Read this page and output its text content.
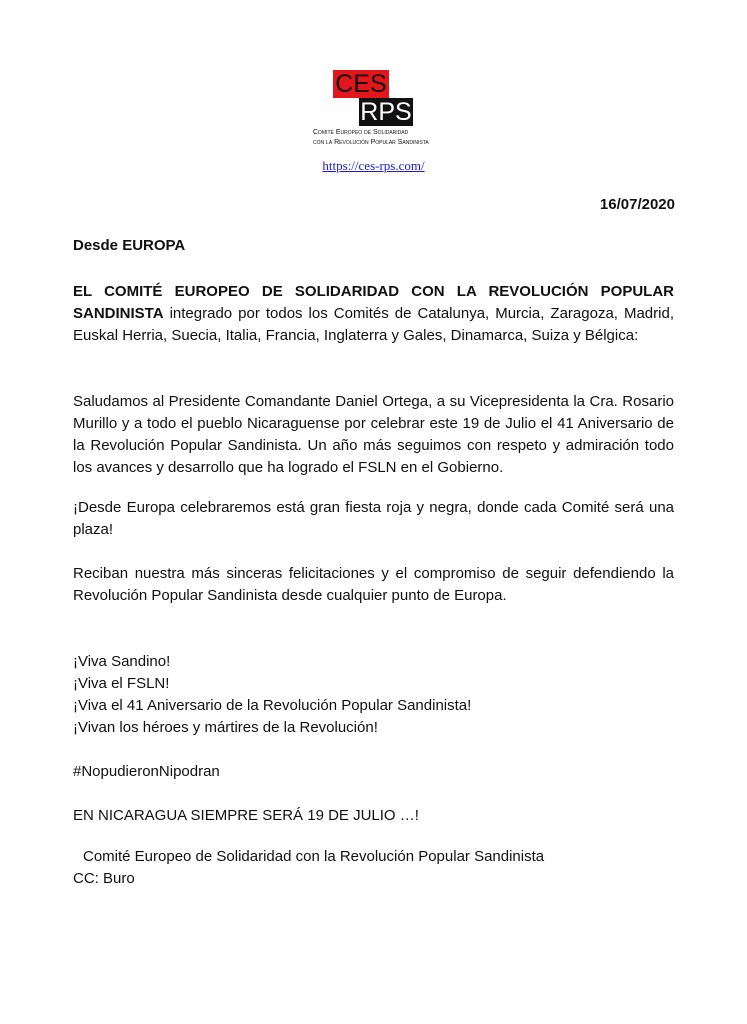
CES
RPS
Comité Europeo de Solidaridad
con la Revolución Popular Sandinista
https://ces-rps.com/
16/07/2020
Desde EUROPA
EL COMITÉ EUROPEO DE SOLIDARIDAD CON LA REVOLUCIÓN POPULAR SANDINISTA integrado por todos los Comités de Catalunya, Murcia, Zaragoza, Madrid, Euskal Herria, Suecia, Italia, Francia, Inglaterra y Gales, Dinamarca, Suiza y Bélgica:
Saludamos al Presidente Comandante Daniel Ortega, a su Vicepresidenta la Cra. Rosario Murillo y a todo el pueblo Nicaraguense por celebrar este 19 de Julio el 41 Aniversario de la Revolución Popular Sandinista. Un año más seguimos con respeto y admiración todo los avances y desarrollo que ha logrado el FSLN en el Gobierno.
¡Desde Europa celebraremos está gran fiesta roja y negra, donde cada Comité será una plaza!
Reciban nuestra más sinceras felicitaciones y el compromiso de seguir defendiendo la Revolución Popular Sandinista desde cualquier punto de Europa.
¡Viva Sandino!
¡Viva el FSLN!
¡Viva el 41 Aniversario de la Revolución Popular Sandinista!
¡Vivan los héroes y mártires de la Revolución!
#NopudieronNipodran
EN NICARAGUA SIEMPRE SERÁ 19 DE JULIO …!
Comité Europeo de Solidaridad con la Revolución Popular Sandinista
CC: Buro
